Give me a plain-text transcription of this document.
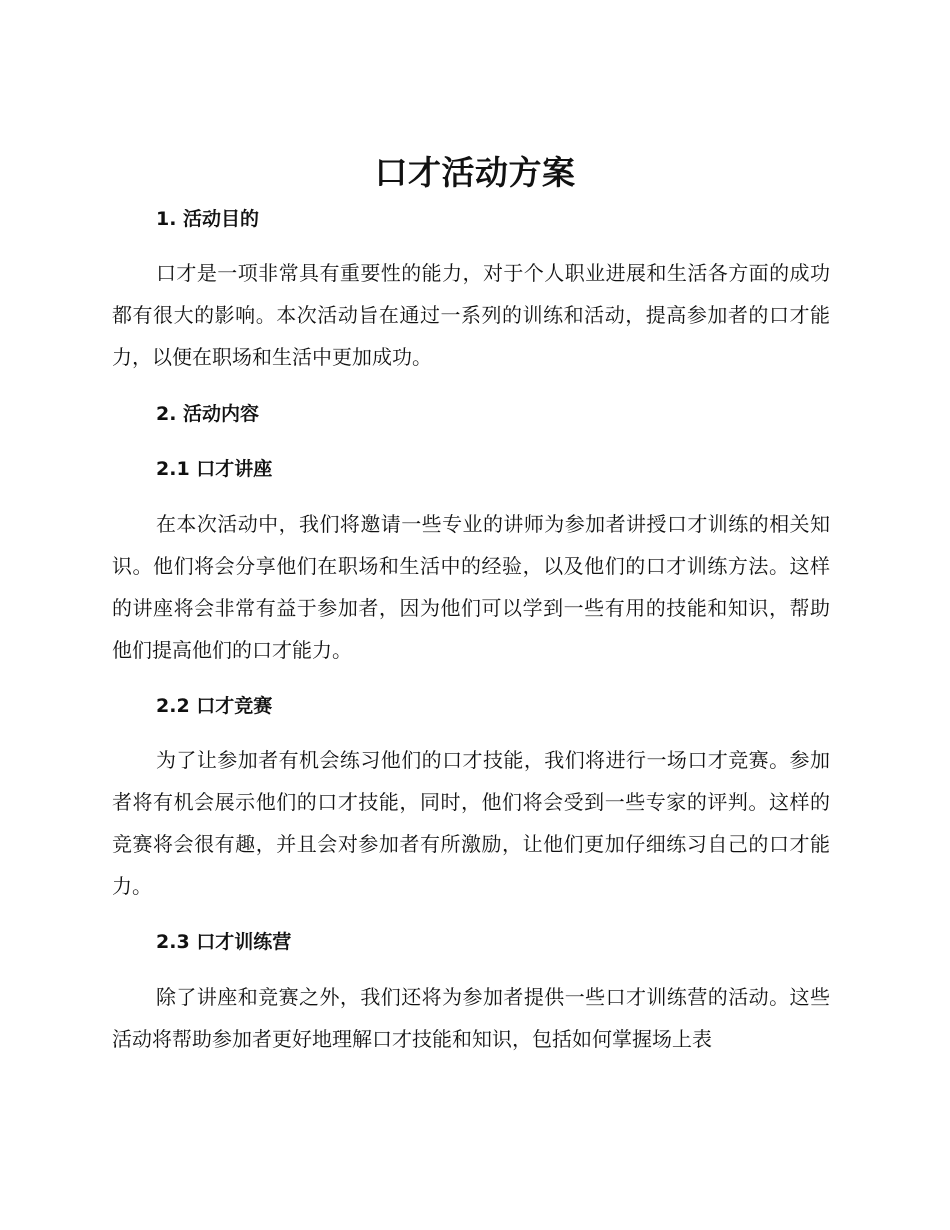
口才活动方案
1. 活动目的

口才是一项非常具有重要性的能力，对于个人职业进展和生活各方面的成功都有很大的影响。本次活动旨在通过一系列的训练和活动，提高参加者的口才能力，以便在职场和生活中更加成功。

2. 活动内容
2.1 口才讲座

在本次活动中，我们将邀请一些专业的讲师为参加者讲授口才训练的相关知识。他们将会分享他们在职场和生活中的经验，以及他们的口才训练方法。这样的讲座将会非常有益于参加者，因为他们可以学到一些有用的技能和知识，帮助他们提高他们的口才能力。

2.2 口才竞赛

为了让参加者有机会练习他们的口才技能，我们将进行一场口才竞赛。参加者将有机会展示他们的口才技能，同时，他们将会受到一些专家的评判。这样的竞赛将会很有趣，并且会对参加者有所激励，让他们更加仔细练习自己的口才能力。

2.3 口才训练营

除了讲座和竞赛之外，我们还将为参加者提供一些口才训练营的活动。这些活动将帮助参加者更好地理解口才技能和知识，包括如何掌握场上表
